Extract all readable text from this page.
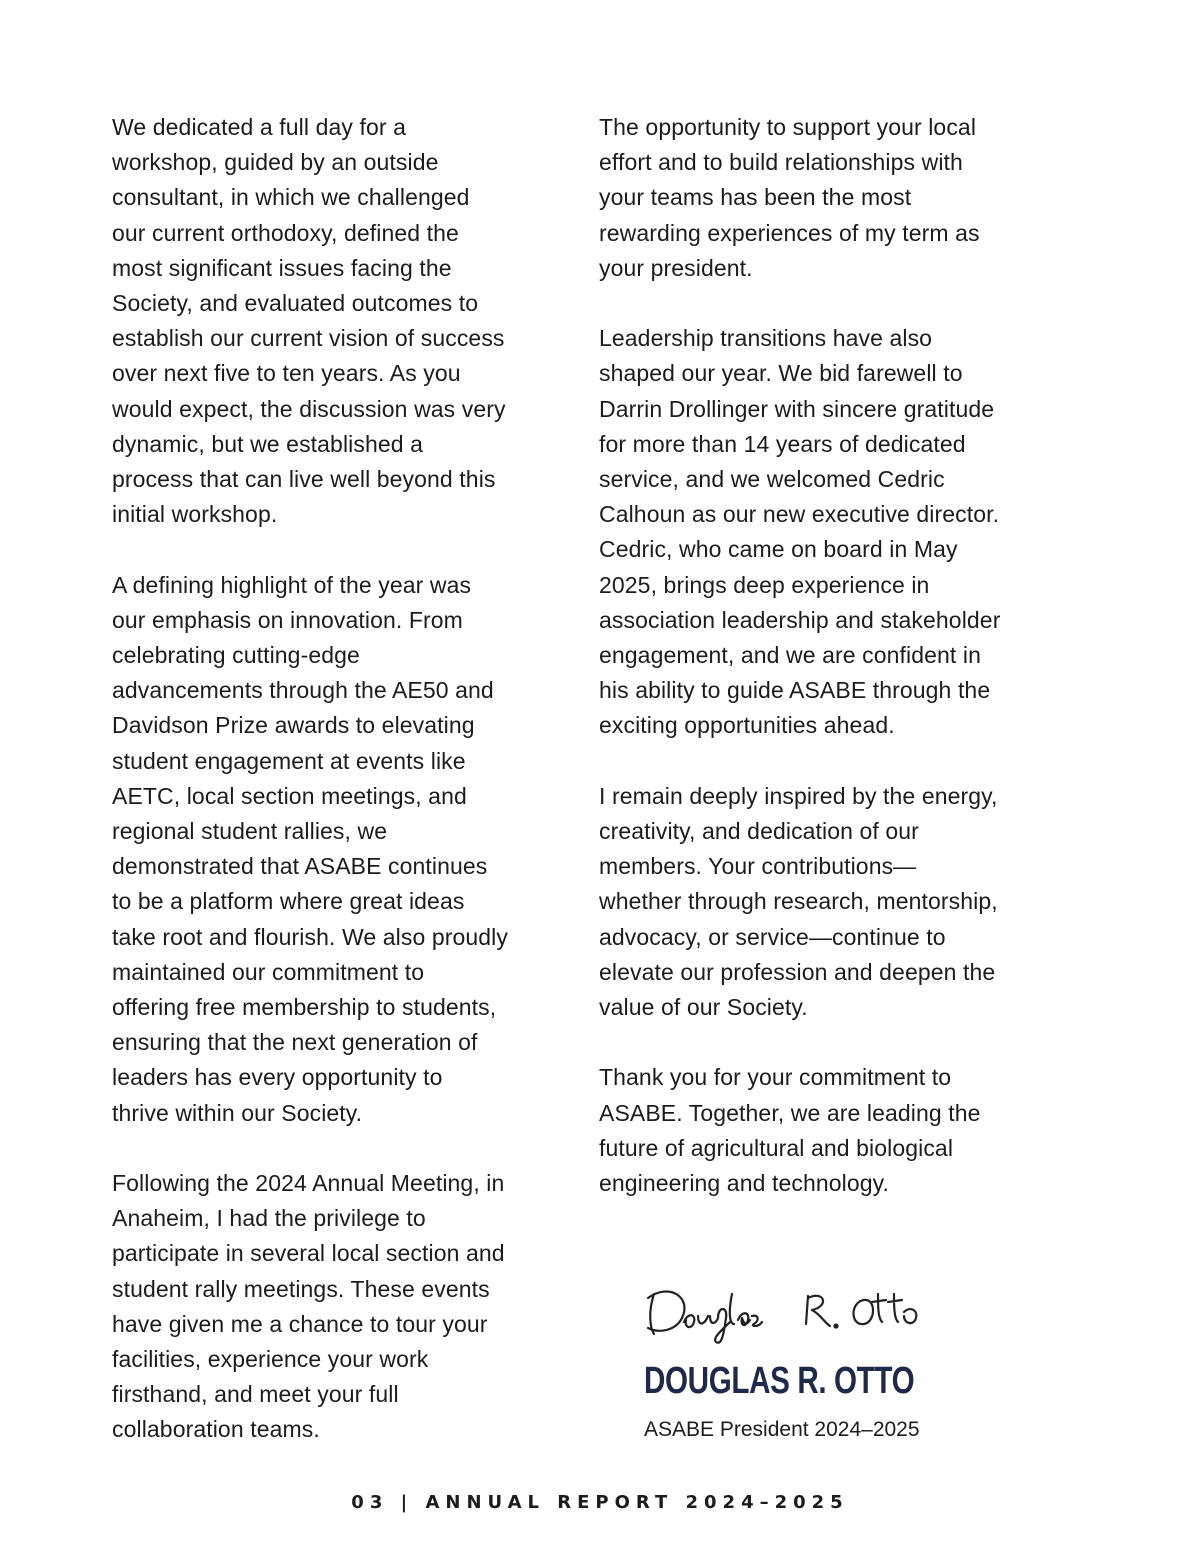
We dedicated a full day for a
workshop, guided by an outside
consultant, in which we challenged
our current orthodoxy, defined the
most significant issues facing the
Society, and evaluated outcomes to
establish our current vision of success
over next five to ten years. As you
would expect, the discussion was very
dynamic, but we established a
process that can live well beyond this
initial workshop.
A defining highlight of the year was
our emphasis on innovation. From
celebrating cutting-edge
advancements through the AE50 and
Davidson Prize awards to elevating
student engagement at events like
AETC, local section meetings, and
regional student rallies, we
demonstrated that ASABE continues
to be a platform where great ideas
take root and flourish. We also proudly
maintained our commitment to
offering free membership to students,
ensuring that the next generation of
leaders has every opportunity to
thrive within our Society.
Following the 2024 Annual Meeting, in
Anaheim, I had the privilege to
participate in several local section and
student rally meetings. These events
have given me a chance to tour your
facilities, experience your work
firsthand, and meet your full
collaboration teams.
The opportunity to support your local
effort and to build relationships with
your teams has been the most
rewarding experiences of my term as
your president.
Leadership transitions have also
shaped our year. We bid farewell to
Darrin Drollinger with sincere gratitude
for more than 14 years of dedicated
service, and we welcomed Cedric
Calhoun as our new executive director.
Cedric, who came on board in May
2025, brings deep experience in
association leadership and stakeholder
engagement, and we are confident in
his ability to guide ASABE through the
exciting opportunities ahead.
I remain deeply inspired by the energy,
creativity, and dedication of our
members. Your contributions—
whether through research, mentorship,
advocacy, or service—continue to
elevate our profession and deepen the
value of our Society.
Thank you for your commitment to
ASABE. Together, we are leading the
future of agricultural and biological
engineering and technology.
DOUGLAS R. OTTO
ASABE President 2024–2025
03 | ANNUAL REPORT 2024–2025
